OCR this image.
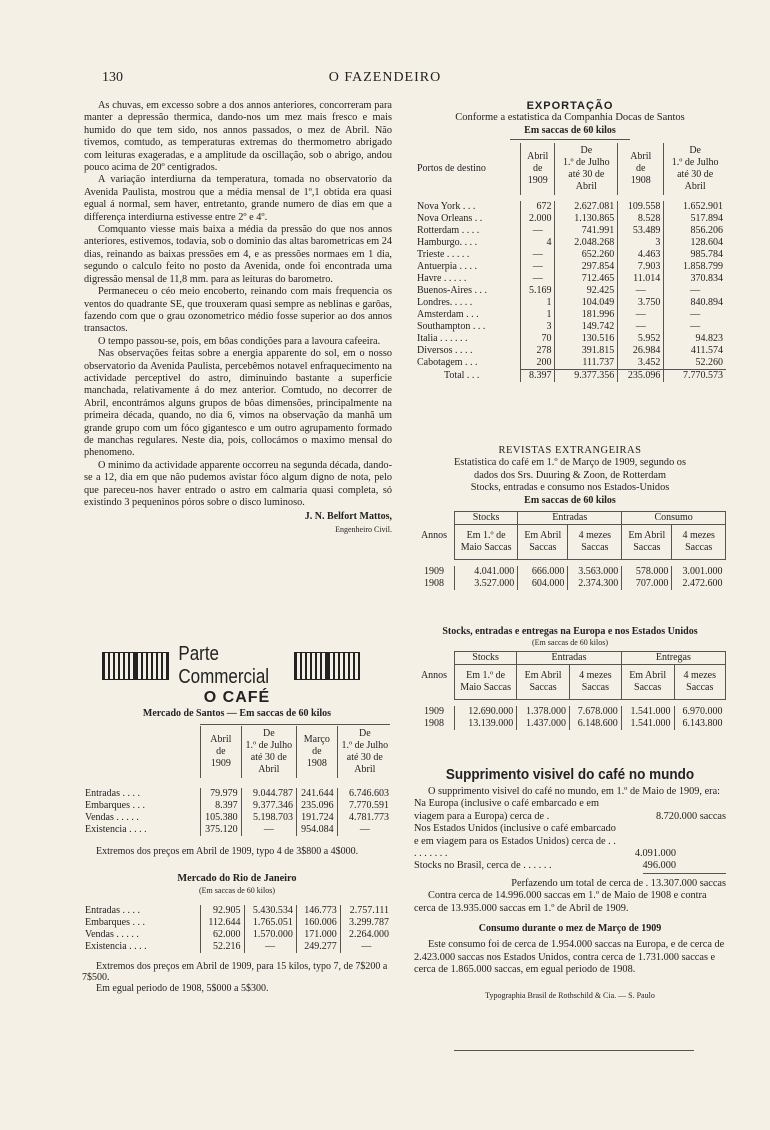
130	O FAZENDEIRO

As chuvas, em excesso sobre a dos annos anteriores, concorreram para manter a depressão thermica, dando-nos um mez mais fresco e mais humido do que tem sido, nos annos passados, o mez de Abril. Não tivemos, comtudo, as temperaturas extremas do thermometro abrigado com leituras exageradas, e a amplitude da oscillação, sob o abrigo, andou pouco acima de 20º centigrados.

A variação interdiurna da temperatura, tomada no observatorio da Avenida Paulista, mostrou que a média mensal de 1º,1 obtida era quasi egual á normal, sem haver, entretanto, grande numero de dias em que a differença interdiurna estivesse entre 2º e 4º.

Comquanto viesse mais baixa a média da pressão do que nos annos anteriores, estivemos, todavia, sob o dominio das altas barometricas em 24 dias, reinando as baixas pressões em 4, e as pressões normaes em 1 dia, segundo o calculo feito no posto da Avenida, onde foi encontrada uma digressão mensal de 11,8 mm. para as leituras do barometro.

Permaneceu o céo meio encoberto, reinando com mais frequencia os ventos do quadrante SE, que trouxeram quasi sempre as neblinas e garôas, fazendo com que o grau ozonometrico médio fosse superior ao dos annos transactos.

O tempo passou-se, pois, em bôas condições para a lavoura cafeeira.

Nas observações feitas sobre a energia apparente do sol, em o nosso observatorio da Avenida Paulista, percebêmos notavel enfraquecimento na actividade perceptivel do astro, diminuindo bastante a superficie manchada, relativamente á do mez anterior. Comtudo, no decorrer de Abril, encontrámos alguns grupos de bôas dimensões, principalmente na primeira década, quando, no dia 6, vimos na observação da manhã um grande grupo com um fóco gigantesco e um outro agrupamento formado de manchas regulares. Neste dia, pois, collocámos o maximo mensal do phenomeno.

O minimo da actividade apparente occorreu na segunda década, dando-se a 12, dia em que não pudemos avistar fóco algum digno de nota, pelo que pareceu-nos haver entrado o astro em calmaria quasi completa, só existindo 3 pequeninos póros sobre o disco luminoso.

J. N. Belfort Mattos,
Engenheiro Civil.
Parte Commercial
O CAFÉ
Mercado de Santos — Em saccas de 60 kilos
	Abril
de
1909	De
1.º de Julho
até 30 de
Abril	Março
de
1908	De
1.º de Julho
até 30 de
Abril

Entradas . . . .	79.979	9.044.787	241.644	6.746.603
Embarques . . .	8.397	9.377.346	235.096	7.770.591
Vendas . . . . .	105.380	5.198.703	191.724	4.781.773
Existencia . . . .	375.120	—	954.084	—

Extremos dos preços em Abril de 1909, typo 4 de 3$800 a 4$000.

Mercado do Rio de Janeiro
(Em saccas de 60 kilos)
Entradas . . . .	92.905	5.430.534	146.773	2.757.111
Embarques . . .	112.644	1.765.051	160.006	3.299.787
Vendas . . . . .	62.000	1.570.000	171.000	2.264.000
Existencia . . . .	52.216	—	249.277	—

Extremos dos preços em Abril de 1909, para 15 kilos, typo 7, de 7$200 a 7$500.

Em egual periodo de 1908, 5$000 a 5$300.

EXPORTAÇÃO
Conforme a estatistica da Companhia Docas de Santos
Em saccas de 60 kilos
Portos de destino	Abril
de
1909	De
1.º de Julho
até 30 de
Abril	Abril
de
1908	De
1.º de Julho
até 30 de
Abril

Nova York . . .	672	2.627.081	109.558	1.652.901
Nova Orleans . .	2.000	1.130.865	8.528	517.894
Rotterdam . . . .	—	741.991	53.489	856.206
Hamburgo. . . .	4	2.048.268	3	128.604
Trieste . . . . .	—	652.260	4.463	985.784
Antuerpia . . . .	—	297.854	7.903	1.858.799
Havre . . . . .	—	712.465	11.014	370.834
Buenos-Aires . . .	5.169	92.425	—	—
Londres. . . . .	1	104.049	3.750	840.894
Amsterdam . . .	1	181.996	—	—
Southampton . . .	3	149.742	—	—
Italia . . . . . .	70	130.516	5.952	94.823
Diversos . . . .	278	391.815	26.984	411.574
Cabotagem . . .	200	111.737	3.452	52.260
Total . . .	8.397	9.377.356	235.096	7.770.573
REVISTAS EXTRANGEIRAS
Estatistica do café em 1.º de Março de 1909, segundo os
dados dos Srs. Duuring & Zoon, de Rotterdam
Stocks, entradas e consumo nos Estados-Unidos
Em saccas de 60 kilos
Annos	Stocks	Entradas		Consumo	
	Em 1.º de Maio Saccas	Em Abril Saccas	4 mezes Saccas	Em Abril Saccas	4 mezes Saccas

1909	4.041.000	666.000	3.563.000	578.000	3.001.000
1908	3.527.000	604.000	2.374.300	707.000	2.472.600
Stocks, entradas e entregas na Europa e nos Estados Unidos
(Em saccas de 60 kilos)
Annos	Stocks	Entradas		Entregas	
	Em 1.º de Maio Saccas	Em Abril Saccas	4 mezes Saccas	Em Abril Saccas	4 mezes Saccas

1909	12.690.000	1.378.000	7.678.000	1.541.000	6.970.000
1908	13.139.000	1.437.000	6.148.600	1.541.000	6.143.800
Supprimento visivel do café no mundo

O supprimento visivel do café no mundo, em 1.º de Maio de 1909, era:

Na Europa (inclusive o café embarcado e em viagem para a Europa) cerca de .	8.720.000 saccas
Nos Estados Unidos (inclusive o café embarcado e em viagem para os Estados Unidos) cerca de . . . . . . . . .	4.091.000
Stocks no Brasil, cerca de . . . . . .	496.000

Perfazendo um total de cerca de . 13.307.000 saccas

Contra cerca de 14.996.000 saccas em 1.º de Maio de 1908 e contra cerca de 13.935.000 saccas em 1.º de Abril de 1909.

Consumo durante o mez de Março de 1909

Este consumo foi de cerca de 1.954.000 saccas na Europa, e de cerca de 2.423.000 saccas nos Estados Unidos, contra cerca de 1.731.000 saccas e cerca de 1.865.000 saccas, em egual periodo de 1908.

Typographia Brasil de Rothschild & Cia. — S. Paulo
